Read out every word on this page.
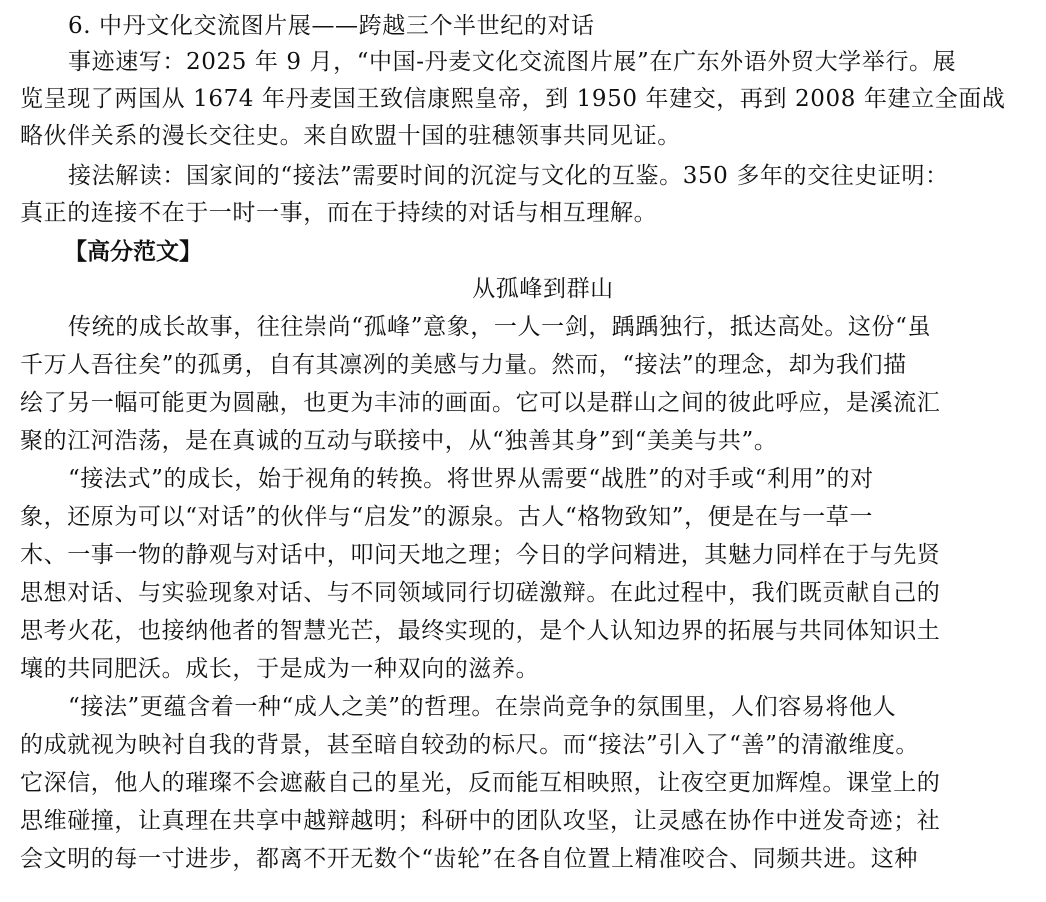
6. 中丹文化交流图片展——跨越三个半世纪的对话
事迹速写：2025 年 9 月，“中国-丹麦文化交流图片展”在广东外语外贸大学举行。展
览呈现了两国从 1674 年丹麦国王致信康熙皇帝，到 1950 年建交，再到 2008 年建立全面战
略伙伴关系的漫长交往史。来自欧盟十国的驻穗领事共同见证。
接法解读：国家间的“接法”需要时间的沉淀与文化的互鉴。350 多年的交往史证明：
真正的连接不在于一时一事，而在于持续的对话与相互理解。
【高分范文】
从孤峰到群山
传统的成长故事，往往崇尚“孤峰”意象，一人一剑，踽踽独行，抵达高处。这份“虽
千万人吾往矣”的孤勇，自有其凛冽的美感与力量。然而，“接法”的理念，却为我们描
绘了另一幅可能更为圆融，也更为丰沛的画面。它可以是群山之间的彼此呼应，是溪流汇
聚的江河浩荡，是在真诚的互动与联接中，从“独善其身”到“美美与共”。
“接法式”的成长，始于视角的转换。将世界从需要“战胜”的对手或“利用”的对
象，还原为可以“对话”的伙伴与“启发”的源泉。古人“格物致知”，便是在与一草一
木、一事一物的静观与对话中，叩问天地之理；今日的学问精进，其魅力同样在于与先贤
思想对话、与实验现象对话、与不同领域同行切磋激辩。在此过程中，我们既贡献自己的
思考火花，也接纳他者的智慧光芒，最终实现的，是个人认知边界的拓展与共同体知识土
壤的共同肥沃。成长，于是成为一种双向的滋养。
“接法”更蕴含着一种“成人之美”的哲理。在崇尚竞争的氛围里，人们容易将他人
的成就视为映衬自我的背景，甚至暗自较劲的标尺。而“接法”引入了“善”的清澈维度。
它深信，他人的璀璨不会遮蔽自己的星光，反而能互相映照，让夜空更加辉煌。课堂上的
思维碰撞，让真理在共享中越辩越明；科研中的团队攻坚，让灵感在协作中迸发奇迹；社
会文明的每一寸进步，都离不开无数个“齿轮”在各自位置上精准咬合、同频共进。这种
